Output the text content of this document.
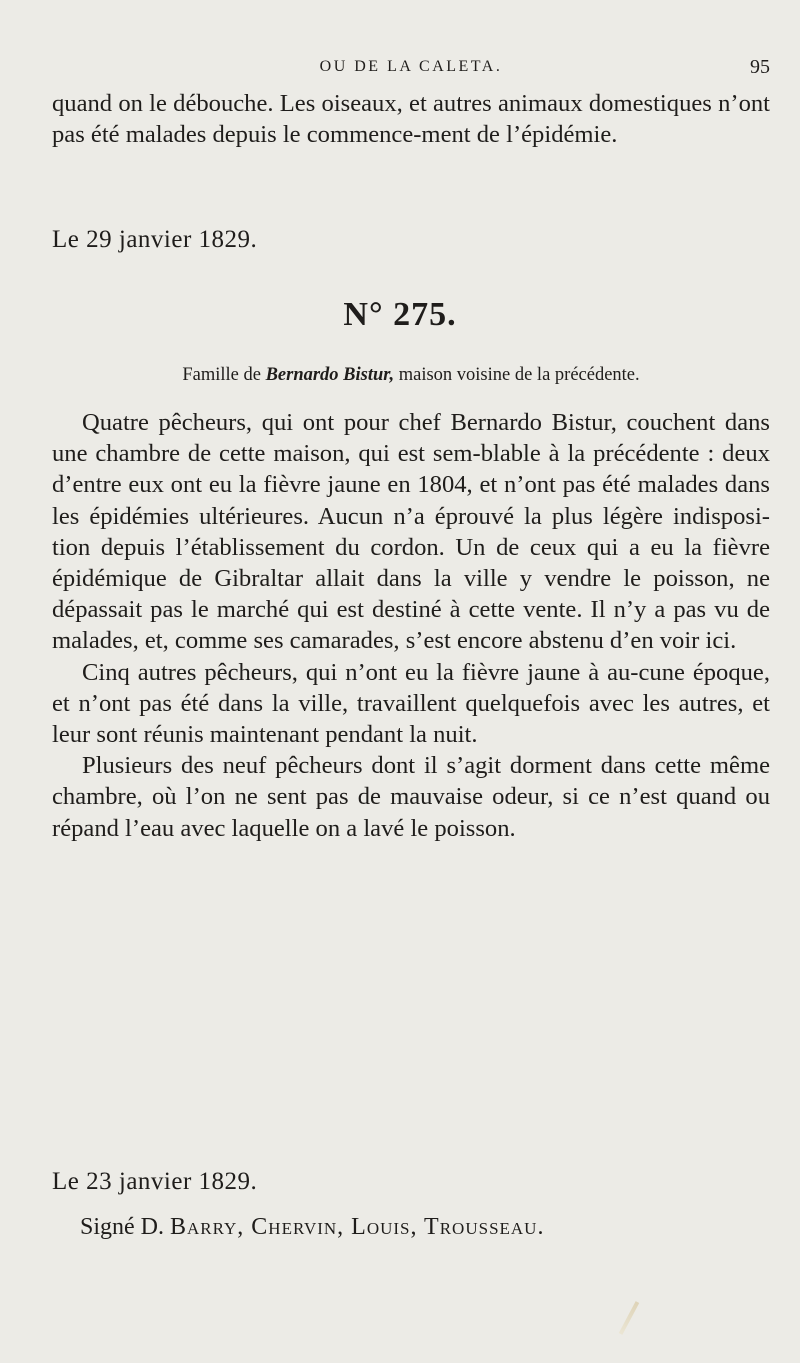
OU DE LA CALETA.	95

quand on le débouche. Les oiseaux, et autres animaux domestiques n’ont pas été malades depuis le commence-ment de l’épidémie.

Le 29 janvier 1829.
N° 275.
Famille de Bernardo Bistur, maison voisine de la précédente.

Quatre pêcheurs, qui ont pour chef Bernardo Bistur, couchent dans une chambre de cette maison, qui est sem-blable à la précédente : deux d’entre eux ont eu la fièvre jaune en 1804, et n’ont pas été malades dans les épidémies ultérieures. Aucun n’a éprouvé la plus légère indisposi-tion depuis l’établissement du cordon. Un de ceux qui a eu la fièvre épidémique de Gibraltar allait dans la ville y vendre le poisson, ne dépassait pas le marché qui est destiné à cette vente. Il n’y a pas vu de malades, et, comme ses camarades, s’est encore abstenu d’en voir ici.

Cinq autres pêcheurs, qui n’ont eu la fièvre jaune à au-cune époque, et n’ont pas été dans la ville, travaillent quelquefois avec les autres, et leur sont réunis maintenant pendant la nuit.

Plusieurs des neuf pêcheurs dont il s’agit dorment dans cette même chambre, où l’on ne sent pas de mauvaise odeur, si ce n’est quand ou répand l’eau avec laquelle on a lavé le poisson.

Le 23 janvier 1829.
Signé D. Barry, Chervin, Louis, Trousseau.
